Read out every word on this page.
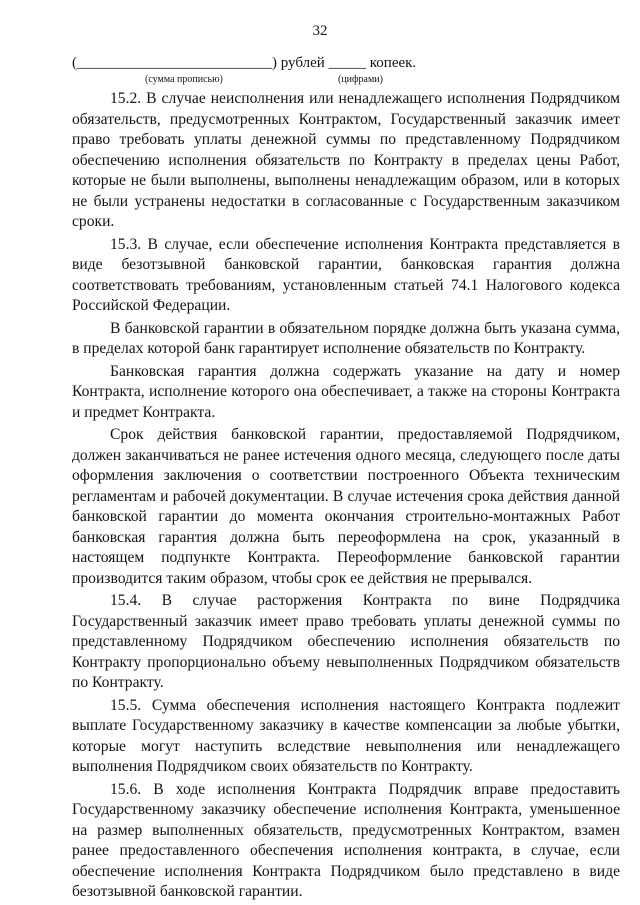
32
(__________________________) рублей _____ копеек.
(сумма прописью)	(цифрами)

15.2. В случае неисполнения или ненадлежащего исполнения Подрядчиком обязательств, предусмотренных Контрактом, Государственный заказчик имеет право требовать уплаты денежной суммы по представленному Подрядчиком обеспечению исполнения обязательств по Контракту в пределах цены Работ, которые не были выполнены, выполнены ненадлежащим образом, или в которых не были устранены недостатки в согласованные с Государственным заказчиком сроки.

15.3. В случае, если обеспечение исполнения Контракта представляется в виде безотзывной банковской гарантии, банковская гарантия должна соответствовать требованиям, установленным статьей 74.1 Налогового кодекса Российской Федерации.

В банковской гарантии в обязательном порядке должна быть указана сумма, в пределах которой банк гарантирует исполнение обязательств по Контракту.

Банковская гарантия должна содержать указание на дату и номер Контракта, исполнение которого она обеспечивает, а также на стороны Контракта и предмет Контракта.

Срок действия банковской гарантии, предоставляемой Подрядчиком, должен заканчиваться не ранее истечения одного месяца, следующего после даты оформления заключения о соответствии построенного Объекта техническим регламентам и рабочей документации. В случае истечения срока действия данной банковской гарантии до момента окончания строительно-монтажных Работ банковская гарантия должна быть переоформлена на срок, указанный в настоящем подпункте Контракта. Переоформление банковской гарантии производится таким образом, чтобы срок ее действия не прерывался.

15.4. В случае расторжения Контракта по вине Подрядчика Государственный заказчик имеет право требовать уплаты денежной суммы по представленному Подрядчиком обеспечению исполнения обязательств по Контракту пропорционально объему невыполненных Подрядчиком обязательств по Контракту.

15.5. Сумма обеспечения исполнения настоящего Контракта подлежит выплате Государственному заказчику в качестве компенсации за любые убытки, которые могут наступить вследствие невыполнения или ненадлежащего выполнения Подрядчиком своих обязательств по Контракту.

15.6. В ходе исполнения Контракта Подрядчик вправе предоставить Государственному заказчику обеспечение исполнения Контракта, уменьшенное на размер выполненных обязательств, предусмотренных Контрактом, взамен ранее предоставленного обеспечения исполнения контракта, в случае, если обеспечение исполнения Контракта Подрядчиком было представлено в виде безотзывной банковской гарантии.
